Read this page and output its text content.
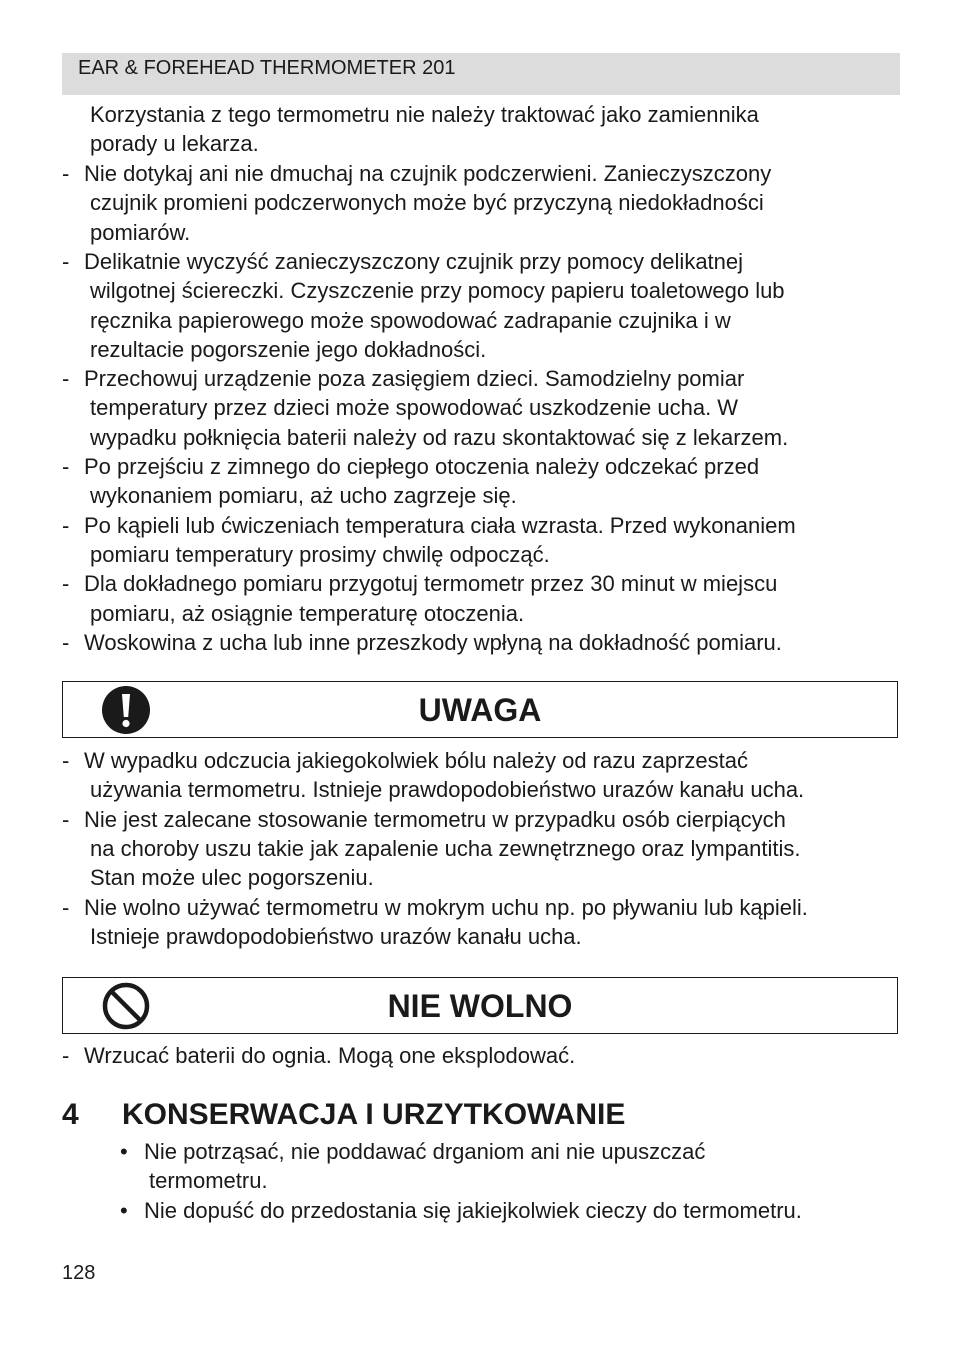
EAR & FOREHEAD THERMOMETER 201
Korzystania z tego termometru nie należy traktować jako zamiennika
porady u lekarza.
- Nie dotykaj ani nie dmuchaj na czujnik podczerwieni. Zanieczyszczony
czujnik promieni podczerwonych może być przyczyną niedokładności
pomiarów.
- Delikatnie wyczyść zanieczyszczony czujnik przy pomocy delikatnej
wilgotnej ściereczki. Czyszczenie przy pomocy papieru toaletowego lub
ręcznika papierowego może spowodować zadrapanie czujnika i w
rezultacie pogorszenie jego dokładności.
- Przechowuj urządzenie poza zasięgiem dzieci. Samodzielny pomiar
temperatury przez dzieci może spowodować uszkodzenie ucha. W
wypadku połknięcia baterii należy od razu skontaktować się z lekarzem.
- Po przejściu z zimnego do ciepłego otoczenia należy odczekać przed
wykonaniem pomiaru, aż ucho zagrzeje się.
- Po kąpieli lub ćwiczeniach temperatura ciała wzrasta. Przed wykonaniem
pomiaru temperatury prosimy chwilę odpocząć.
- Dla dokładnego pomiaru przygotuj termometr przez 30 minut w miejscu
pomiaru, aż osiągnie temperaturę otoczenia.
- Woskowina z ucha lub inne przeszkody wpłyną na dokładność pomiaru.
- W wypadku odczucia jakiegokolwiek bólu należy od razu zaprzestać
używania termometru. Istnieje prawdopodobieństwo urazów kanału ucha.
- Nie jest zalecane stosowanie termometru w przypadku osób cierpiących
na choroby uszu takie jak zapalenie ucha zewnętrznego oraz lympantitis.
Stan może ulec pogorszeniu.
- Nie wolno używać termometru w mokrym uchu np. po pływaniu lub kąpieli.
Istnieje prawdopodobieństwo urazów kanału ucha.
- Wrzucać baterii do ognia. Mogą one eksplodować.
• Nie potrząsać, nie poddawać drganiom ani nie upuszczać
termometru.
• Nie dopuść do przedostania się jakiejkolwiek cieczy do termometru.
UWAGA
NIE WOLNO
4 KONSERWACJA I URZYTKOWANIE
128
